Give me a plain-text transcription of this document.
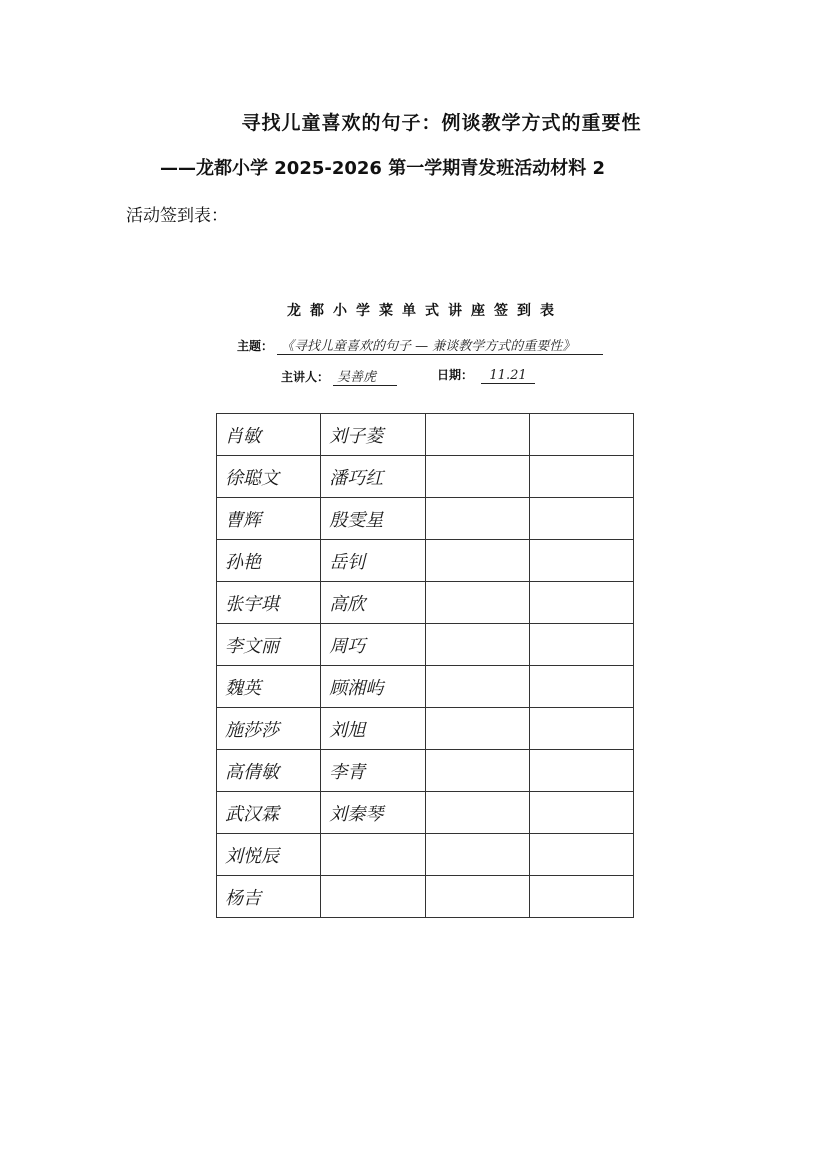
寻找儿童喜欢的句子：例谈教学方式的重要性
——龙都小学 2025-2026 第一学期青发班活动材料 2
活动签到表：
龙都小学菜单式讲座签到表
主题： 《寻找儿童喜欢的句子 — 兼谈教学方式的重要性》
主讲人： 吴善虎	日期： 11.21
肖敏	刘子菱		
徐聪文	潘巧红		
曹辉	殷雯星		
孙艳	岳钊		
张宇琪	高欣		
李文丽	周巧		
魏英	顾湘屿		
施莎莎	刘旭		
高倩敏	李青		
武汉霖	刘秦琴		
刘悦辰			
杨吉			
